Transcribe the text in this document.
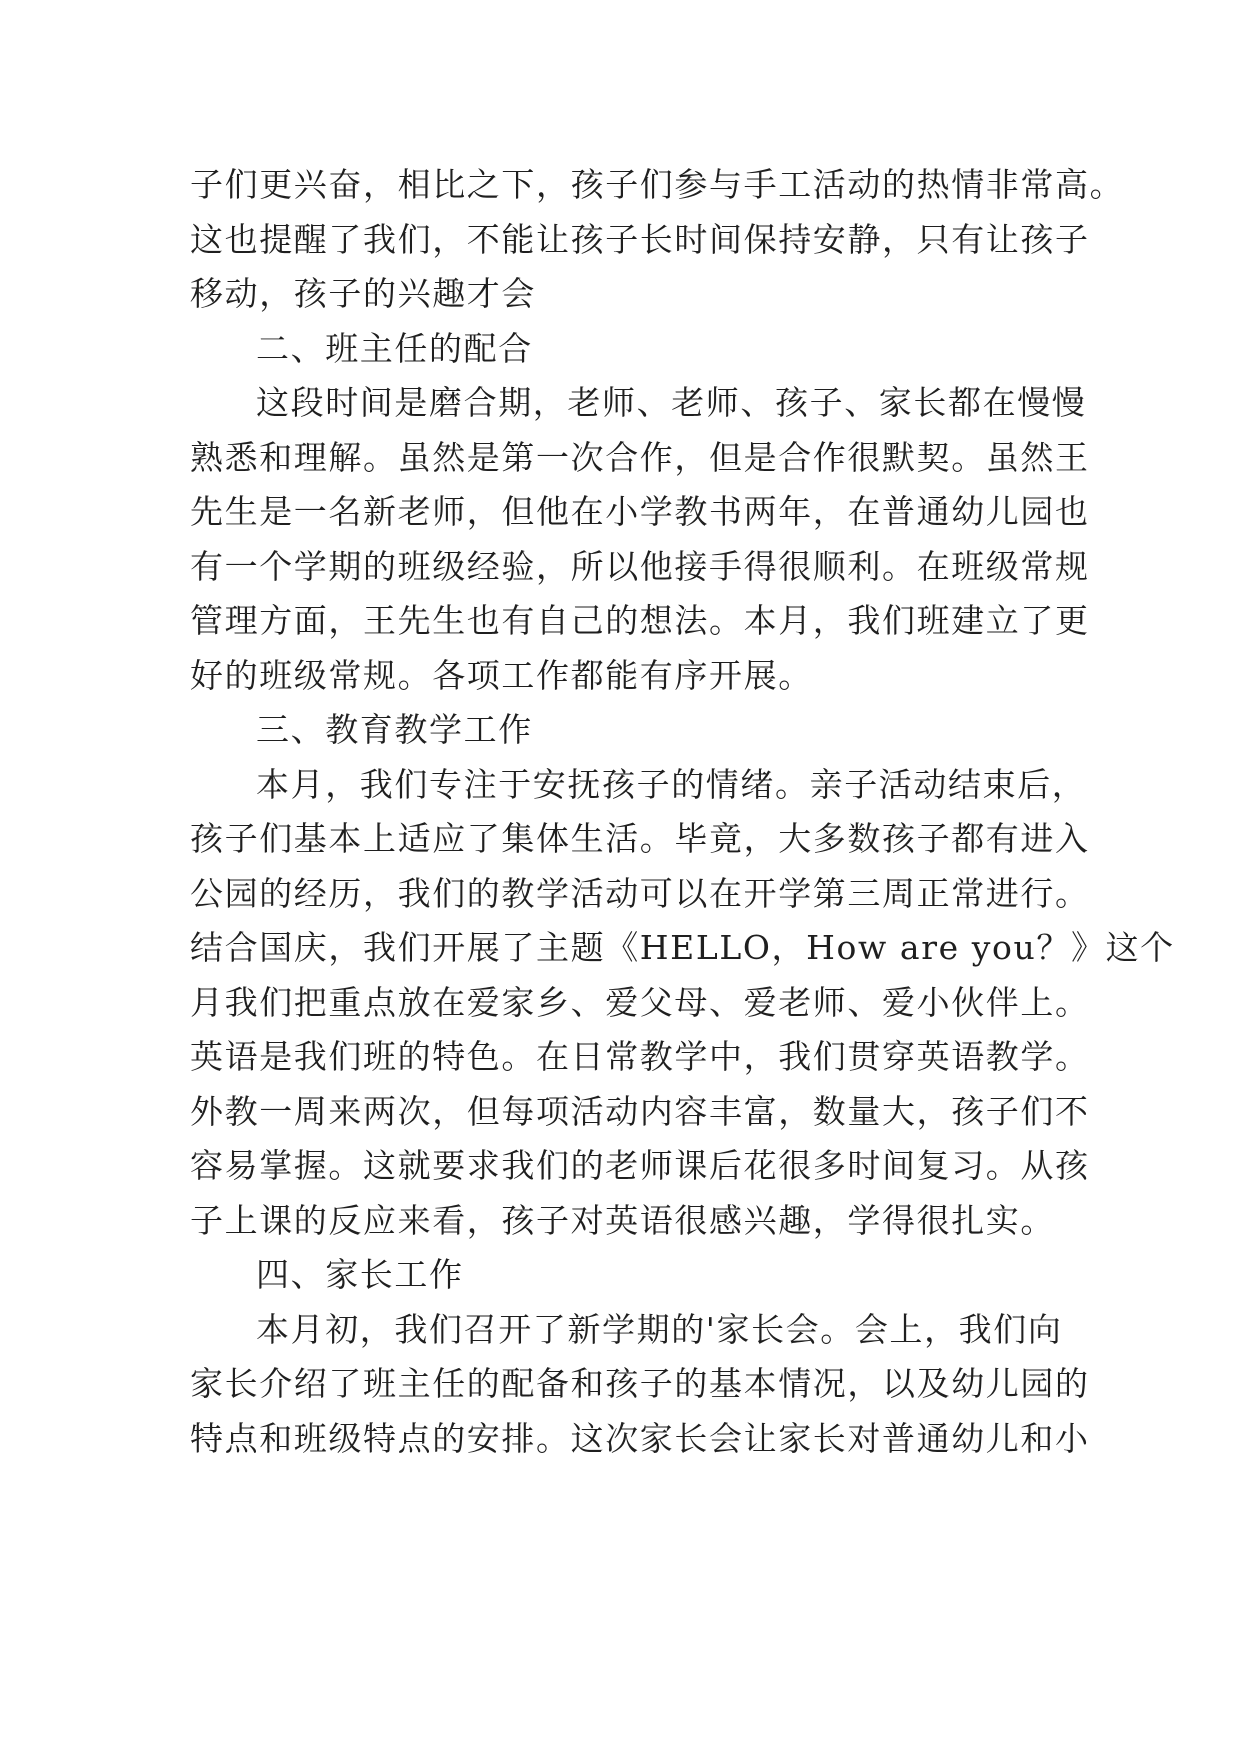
子们更兴奋，相比之下，孩子们参与手工活动的热情非常高。
这也提醒了我们，不能让孩子长时间保持安静，只有让孩子
移动，孩子的兴趣才会
二、班主任的配合
这段时间是磨合期，老师、老师、孩子、家长都在慢慢
熟悉和理解。虽然是第一次合作，但是合作很默契。虽然王
先生是一名新老师，但他在小学教书两年，在普通幼儿园也
有一个学期的班级经验，所以他接手得很顺利。在班级常规
管理方面，王先生也有自己的想法。本月，我们班建立了更
好的班级常规。各项工作都能有序开展。
三、教育教学工作
本月，我们专注于安抚孩子的情绪。亲子活动结束后，
孩子们基本上适应了集体生活。毕竟，大多数孩子都有进入
公园的经历，我们的教学活动可以在开学第三周正常进行。
结合国庆，我们开展了主题《HELLO，How are you？》这个
月我们把重点放在爱家乡、爱父母、爱老师、爱小伙伴上。
英语是我们班的特色。在日常教学中，我们贯穿英语教学。
外教一周来两次，但每项活动内容丰富，数量大，孩子们不
容易掌握。这就要求我们的老师课后花很多时间复习。从孩
子上课的反应来看，孩子对英语很感兴趣，学得很扎实。
四、家长工作
本月初，我们召开了新学期的'家长会。会上，我们向
家长介绍了班主任的配备和孩子的基本情况，以及幼儿园的
特点和班级特点的安排。这次家长会让家长对普通幼儿和小
